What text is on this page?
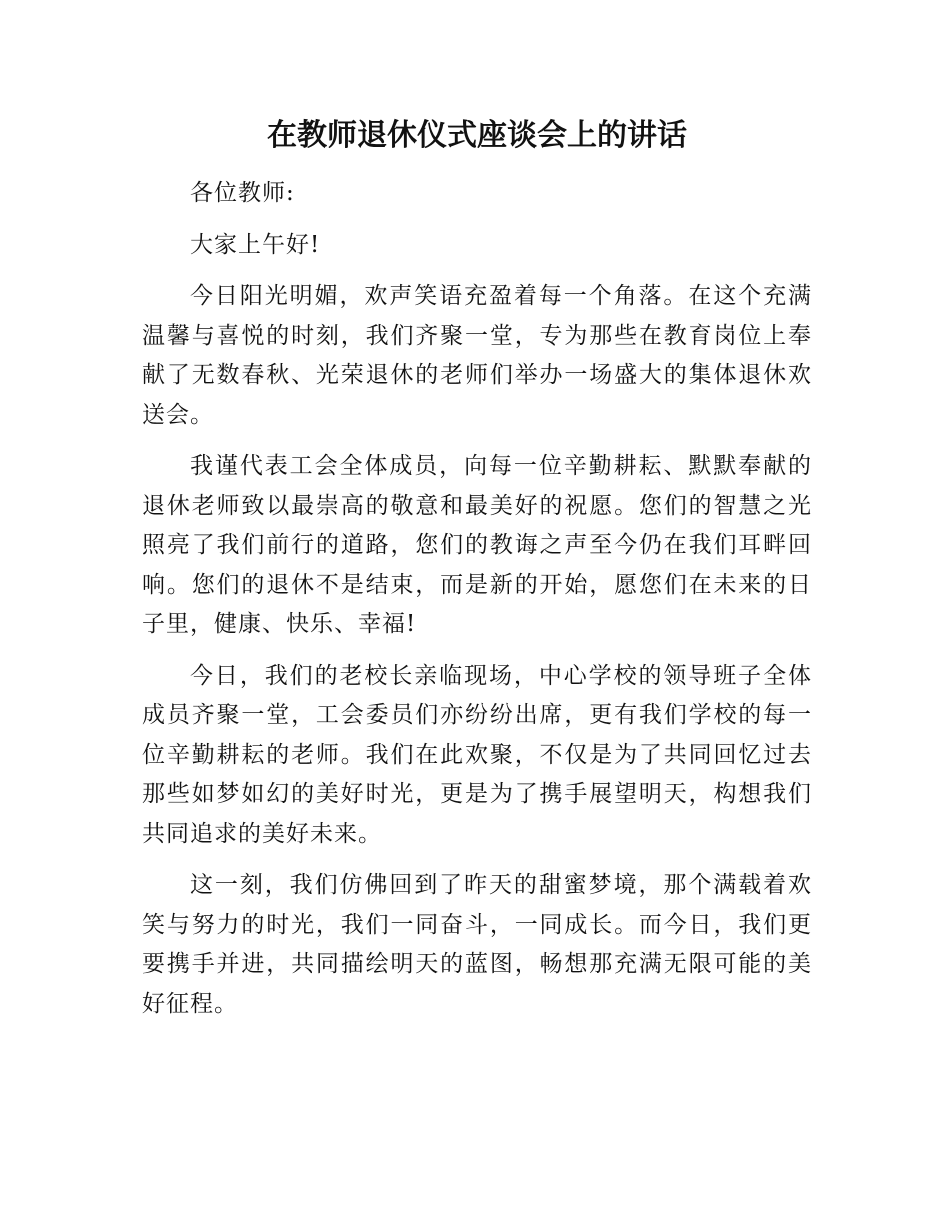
在教师退休仪式座谈会上的讲话

各位教师:

大家上午好!

今日阳光明媚，欢声笑语充盈着每一个角落。在这个充满温馨与喜悦的时刻，我们齐聚一堂，专为那些在教育岗位上奉献了无数春秋、光荣退休的老师们举办一场盛大的集体退休欢送会。

我谨代表工会全体成员，向每一位辛勤耕耘、默默奉献的退休老师致以最崇高的敬意和最美好的祝愿。您们的智慧之光照亮了我们前行的道路，您们的教诲之声至今仍在我们耳畔回响。您们的退休不是结束，而是新的开始，愿您们在未来的日子里，健康、快乐、幸福!

今日，我们的老校长亲临现场，中心学校的领导班子全体成员齐聚一堂，工会委员们亦纷纷出席，更有我们学校的每一位辛勤耕耘的老师。我们在此欢聚，不仅是为了共同回忆过去那些如梦如幻的美好时光，更是为了携手展望明天，构想我们共同追求的美好未来。

这一刻，我们仿佛回到了昨天的甜蜜梦境，那个满载着欢笑与努力的时光，我们一同奋斗，一同成长。而今日，我们更要携手并进，共同描绘明天的蓝图，畅想那充满无限可能的美好征程。
